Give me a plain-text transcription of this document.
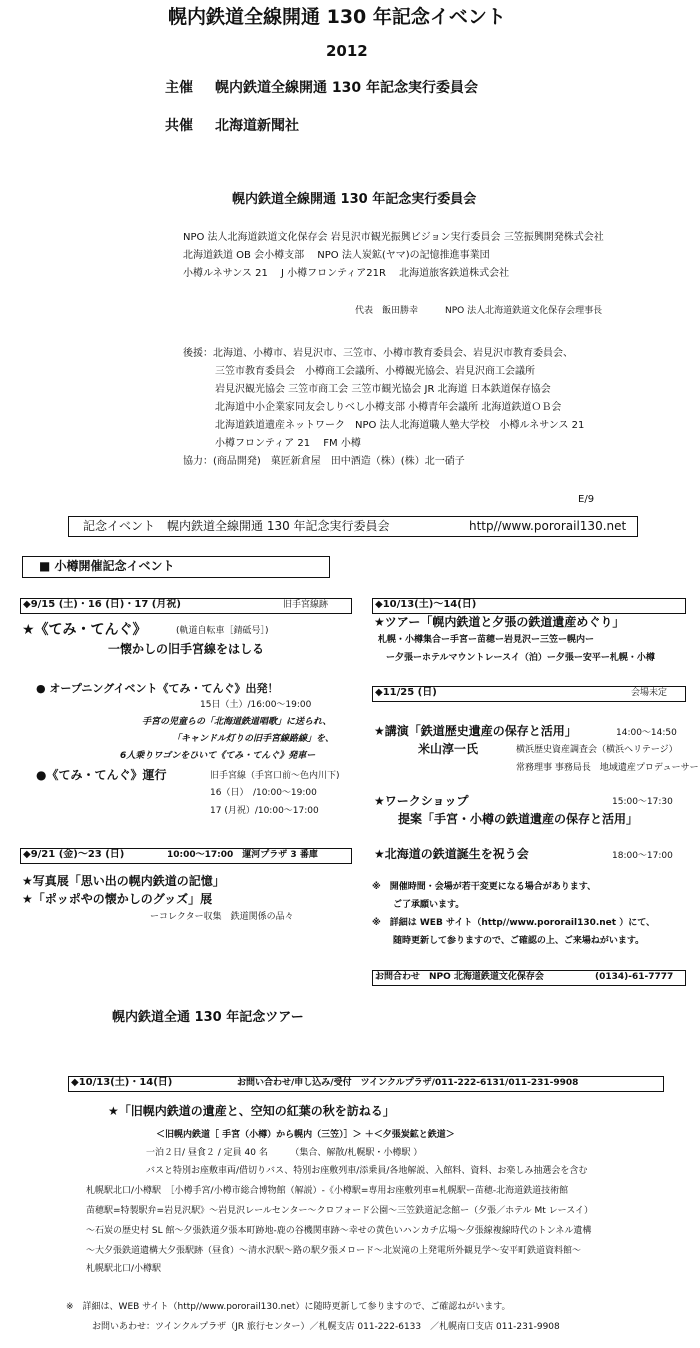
幌内鉄道全線開通 130 年記念イベント
2012
主催 幌内鉄道全線開通 130 年記念実行委員会
共催 北海道新聞社
幌内鉄道全線開通 130 年記念実行委員会
NPO 法人北海道鉄道文化保存会 岩見沢市観光振興ビジョン実行委員会 三笠振興開発株式会社
北海道鉄道 OB 会小樽支部 　NPO 法人炭鉱(ヤマ)の記憶推進事業団
小樽ルネサンス 21 　J 小樽フロンティア21R 　北海道旅客鉄道株式会社
代表　飯田勝幸　　　NPO 法人北海道鉄道文化保存会理事長
後援：北海道、小樽市、岩見沢市、三笠市、小樽市教育委員会、岩見沢市教育委員会、
三笠市教育委員会　小樽商工会議所、小樽観光協会、岩見沢商工会議所
岩見沢観光協会 三笠市商工会 三笠市観光協会 JR 北海道 日本鉄道保存協会
北海道中小企業家同友会しりべし小樽支部 小樽青年会議所 北海道鉄道ＯＢ会
北海道鉄道遺産ネットワーク　NPO 法人北海道職人塾大学校　小樽ルネサンス 21
小樽フロンティア 21 　FM 小樽
協力：(商品開発)　菓匠新倉屋　田中酒造（株）(株）北一硝子
E/9
記念イベント　幌内鉄道全線開通 130 年記念実行委員会	http//www.pororail130.net
■ 小樽開催記念イベント
◆9/15 (土)・16 (日)・17 (月祝)	旧手宮線跡
★《てみ・てんぐ》	(軌道自転車［錆砥号］)
一懐かしの旧手宮線をはしる
● オープニングイベント《てみ・てんぐ》出発！
15日（土）/16:00～19:00
手宮の児童らの「北海道鉄道唱歌」に送られ、
「キャンドル灯りの旧手宮線路線」を、
6人乗りワゴンをひいて《てみ・てんぐ》発車ー
●《てみ・てんぐ》運行	旧手宮線（手宮口前～色内川下)
16（日）　/10:00～19:00
17 (月祝）/10:00～17:00
◆9/21 (金)～23 (日)	10:00～17:00　運河プラザ 3 番庫
★写真展「思い出の幌内鉄道の記憶」
★「ポッポやの懐かしのグッズ」展
ーコレクター収集　鉄道関係の品々
◆10/13(土)～14(日)
★ツアー「幌内鉄道と夕張の鉄道遺産めぐり」
札幌・小樽集合ー手宮ー苗穂ー岩見沢ー三笠ー幌内ー
ー夕張ーホテルマウントレースイ（泊）ー夕張ー安平ー札幌・小樽
◆11/25 (日)	会場未定
★講演「鉄道歴史遺産の保存と活用」	14:00～14:50
米山淳一氏	横浜歴史資産調査会（横浜ヘリテージ）
常務理事 事務局長　地域遺産プロデューサー
★ワークショップ	15:00～17:30
提案「手宮・小樽の鉄道遺産の保存と活用」
★北海道の鉄道誕生を祝う会	18:00～17:00
※　開催時間・会場が若干変更になる場合があります、
ご了承願います。
※　詳細は WEB サイト（http//www.pororail130.net ）にて、
随時更新して参りますので、ご確認の上、ご来場ねがいます。
お問合わせ　NPO 北海道鉄道文化保存会	(0134)-61-7777
幌内鉄道全通 130 年記念ツアー
◆10/13(土)・14(日)	お問い合わせ/申し込み/受付　ツインクルプラザ/011-222-6131/011-231-9908
★「旧幌内鉄道の遺産と、空知の紅葉の秋を訪ねる」
＜旧幌内鉄道［ 手宮（小樽）から幌内（三笠）］＞ ＋＜夕張炭鉱と鉄道＞
一泊２日/ 昼食２ / 定員 40 名　　　（集合、解散/札幌駅・小樽駅 ）
バスと特別お座敷車両/借切りバス、特別お座敷列車/添乗員/各地解説、入館料、資料、お楽しみ抽選会を含む
札幌駅北口/小樽駅　［小樽手宮/小樽市総合博物館（解説）-《小樽駅=専用お座敷列車=札幌駅ー苗穂-北海道鉄道技術館
苗穂駅=特製駅弁=岩見沢駅》～岩見沢レールセンター～クロフォード公園～三笠鉄道記念館ー（夕張／ホテル Mt レースイ）
～石炭の歴史村 SL 館～夕張鉄道夕張本町跡地-鹿の谷機関車跡～幸せの黄色いハンカチ広場～夕張線複線時代のトンネル遺構
～大夕張鉄道遺構大夕張駅跡（昼食）～清水沢駅～路の駅夕張メロード～北炭滝の上発電所外観見学～安平町鉄道資料館～
札幌駅北口/小樽駅
※　詳細は、WEB サイト（http//www.pororail130.net）に随時更新して参りますので、ご確認ねがいます。
お問いあわせ：ツインクルプラザ（JR 旅行センター）／札幌支店 011-222-6133　／札幌南口支店 011-231-9908
